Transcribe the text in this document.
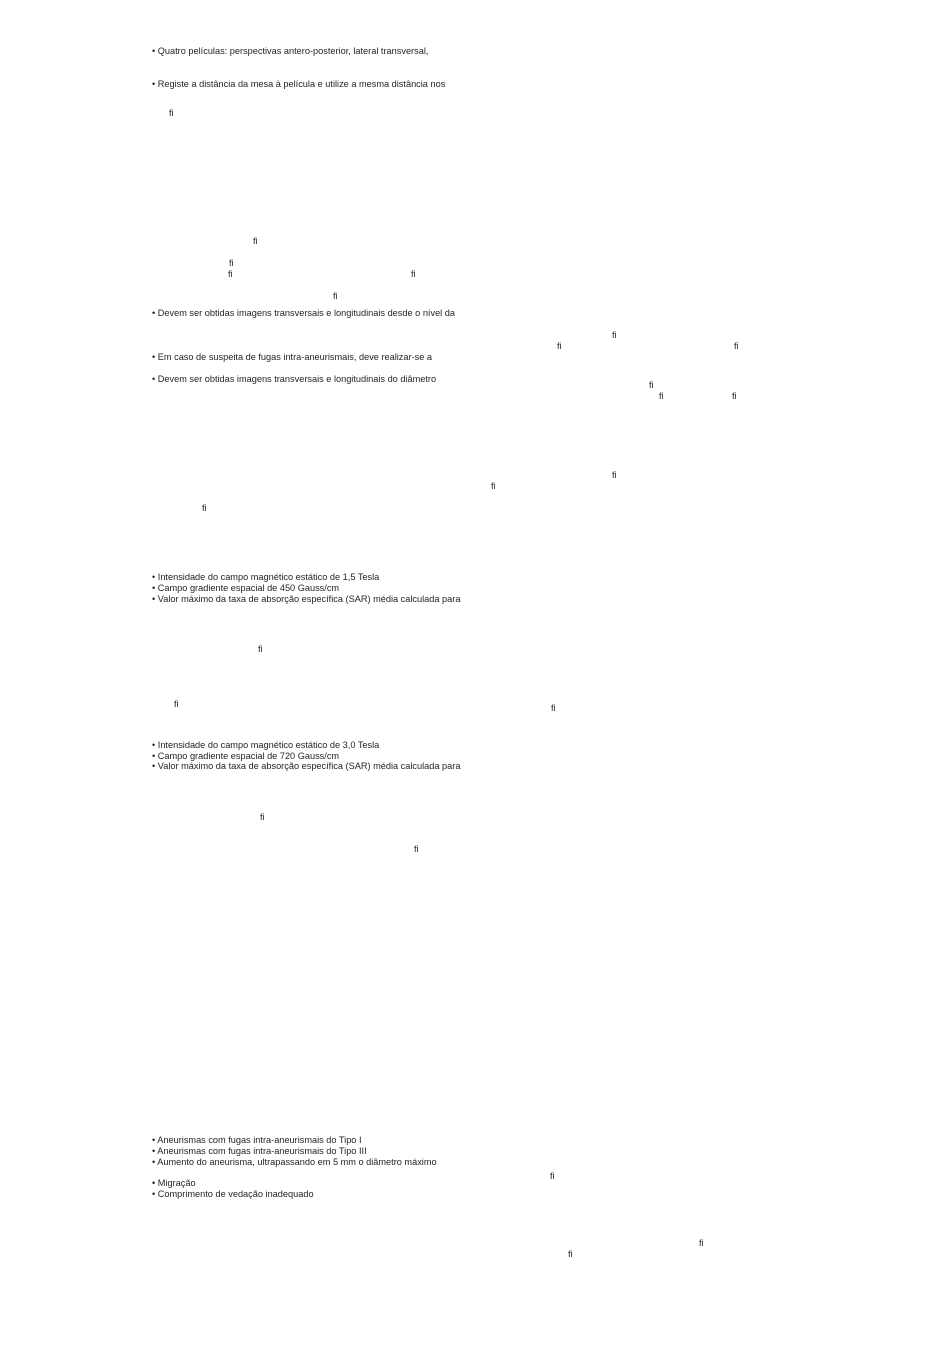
• Quatro películas: perspectivas antero-posterior, lateral transversal,
• Registe a distância da mesa à película e utilize a mesma distância nos
ﬁ
ﬁ
ﬁ
ﬁ	ﬁ
ﬁ
• Devem ser obtidas imagens transversais e longitudinais desde o nível da
ﬁ
ﬁ	ﬁ
• Em caso de suspeita de fugas intra-aneurismais, deve realizar-se a
• Devem ser obtidas imagens transversais e longitudinais do diâmetro
ﬁ
ﬁ	ﬁ
ﬁ
ﬁ
ﬁ
• Intensidade do campo magnético estático de 1,5 Tesla
• Campo gradiente espacial de 450 Gauss/cm
• Valor máximo da taxa de absorção específica (SAR) média calculada para
ﬁ
ﬁ	ﬁ
• Intensidade do campo magnético estático de 3,0 Tesla
• Campo gradiente espacial de 720 Gauss/cm
• Valor máximo da taxa de absorção específica (SAR) média calculada para
ﬁ
ﬁ
• Aneurismas com fugas intra-aneurismais do Tipo I
• Aneurismas com fugas intra-aneurismais do Tipo III
• Aumento do aneurisma, ultrapassando em 5 mm o diâmetro máximo
ﬁ
• Migração
• Comprimento de vedação inadequado
ﬁ
ﬁ
